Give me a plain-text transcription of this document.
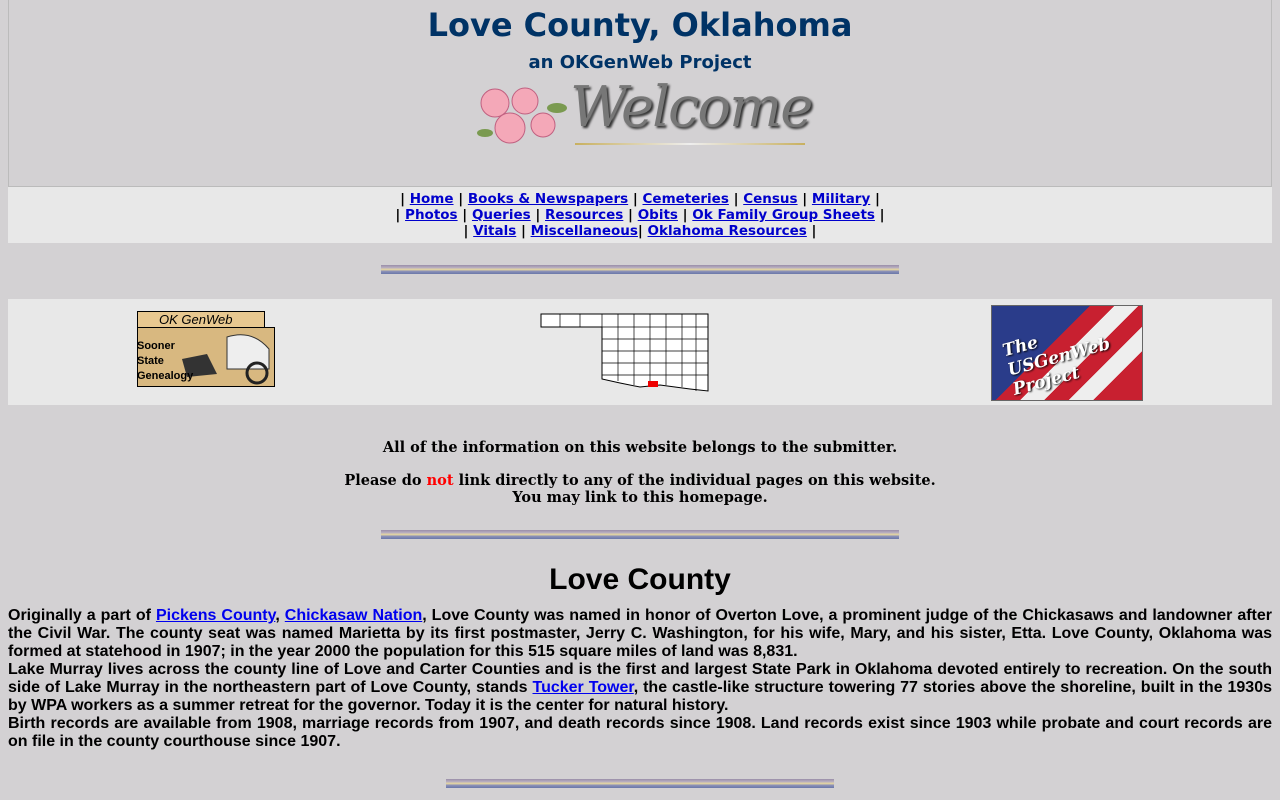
Love County, Oklahoma
an OKGenWeb Project
Welcome
| Home | Books & Newspapers | Cemeteries | Census | Military |
| Photos | Queries | Resources | Obits | Ok Family Group Sheets |
| Vitals | Miscellaneous| Oklahoma Resources |
OK GenWeb
Sooner
State
Genealogy
The USGenWeb Project
All of the information on this website belongs to the submitter.
Please do not link directly to any of the individual pages on this website.
You may link to this homepage.
Love County
Originally a part of Pickens County, Chickasaw Nation, Love County was named in honor of Overton Love, a prominent judge of the Chickasaws and landowner after the Civil War. The county seat was named Marietta by its first postmaster, Jerry C. Washington, for his wife, Mary, and his sister, Etta. Love County, Oklahoma was formed at statehood in 1907; in the year 2000 the population for this 515 square miles of land was 8,831.
Lake Murray lives across the county line of Love and Carter Counties and is the first and largest State Park in Oklahoma devoted entirely to recreation. On the south side of Lake Murray in the northeastern part of Love County, stands Tucker Tower, the castle-like structure towering 77 stories above the shoreline, built in the 1930s by WPA workers as a summer retreat for the governor. Today it is the center for natural history.
Birth records are available from 1908, marriage records from 1907, and death records since 1908. Land records exist since 1903 while probate and court records are on file in the county courthouse since 1907.
